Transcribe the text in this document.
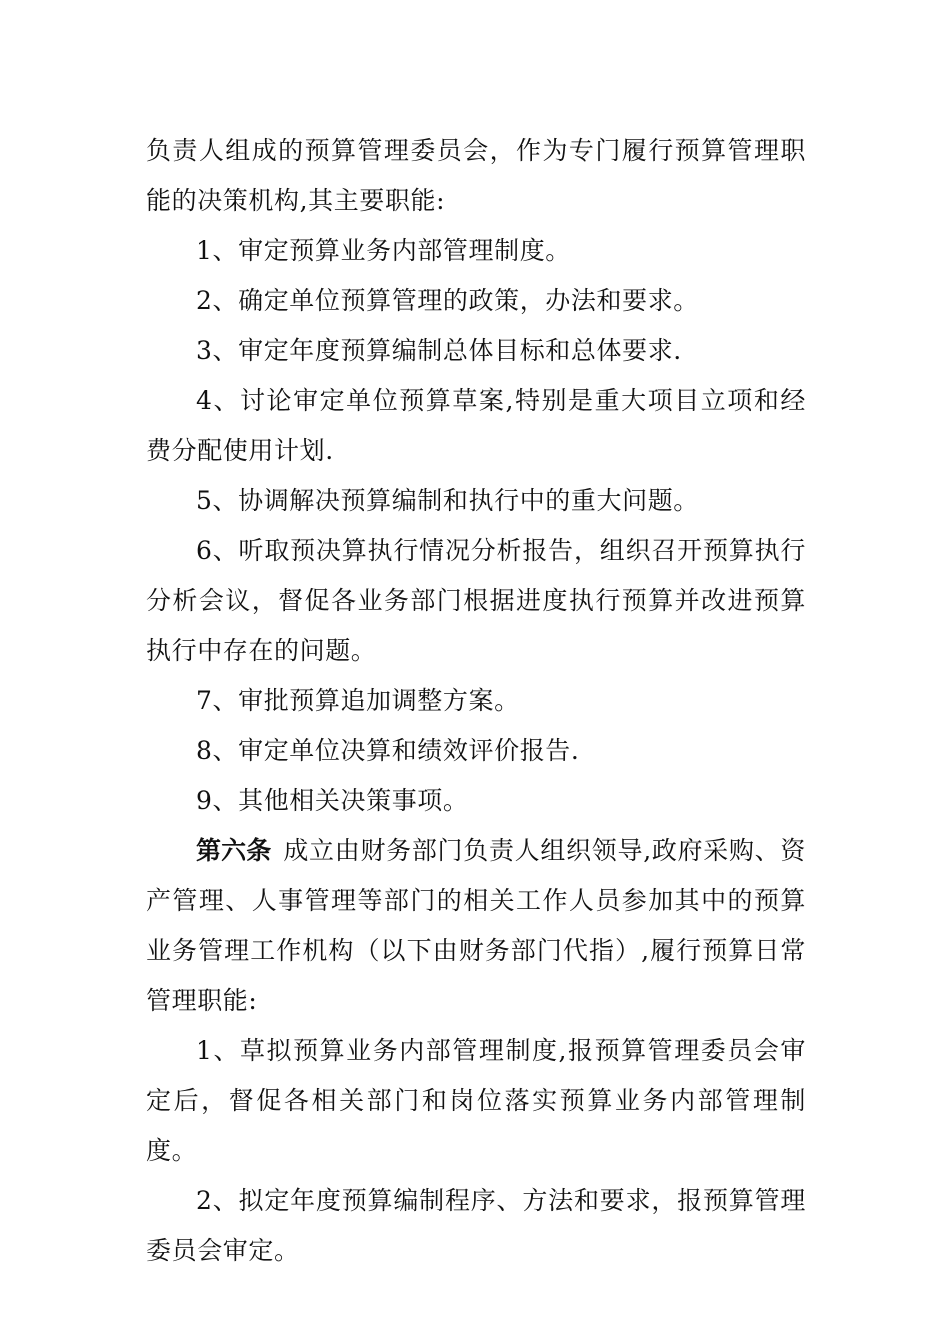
负责人组成的预算管理委员会，作为专门履行预算管理职能的决策机构,其主要职能:

1、审定预算业务内部管理制度。

2、确定单位预算管理的政策，办法和要求。

3、审定年度预算编制总体目标和总体要求.

4、讨论审定单位预算草案,特别是重大项目立项和经费分配使用计划.

5、协调解决预算编制和执行中的重大问题。

6、听取预决算执行情况分析报告，组织召开预算执行分析会议，督促各业务部门根据进度执行预算并改进预算执行中存在的问题。

7、审批预算追加调整方案。

8、审定单位决算和绩效评价报告.

9、其他相关决策事项。

第六条 成立由财务部门负责人组织领导,政府采购、资产管理、人事管理等部门的相关工作人员参加其中的预算业务管理工作机构（以下由财务部门代指）,履行预算日常管理职能:

1、草拟预算业务内部管理制度,报预算管理委员会审定后，督促各相关部门和岗位落实预算业务内部管理制度。

2、拟定年度预算编制程序、方法和要求，报预算管理委员会审定。
